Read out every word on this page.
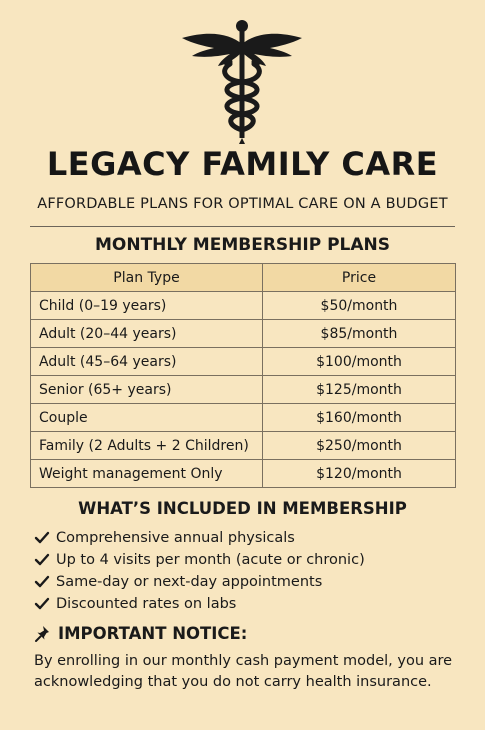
LEGACY FAMILY CARE
AFFORDABLE PLANS FOR OPTIMAL CARE ON A BUDGET
MONTHLY MEMBERSHIP PLANS
Plan Type	Price
Child (0–19 years)	$50/month
Adult (20–44 years)	$85/month
Adult (45–64 years)	$100/month
Senior (65+ years)	$125/month
Couple	$160/month
Family (2 Adults + 2 Children)	$250/month
Weight management Only	$120/month
WHAT’S INCLUDED IN MEMBERSHIP
Comprehensive annual physicals
Up to 4 visits per month (acute or chronic)
Same-day or next-day appointments
Discounted rates on labs
IMPORTANT NOTICE:
By enrolling in our monthly cash payment model, you are acknowledging that you do not carry health insurance.
